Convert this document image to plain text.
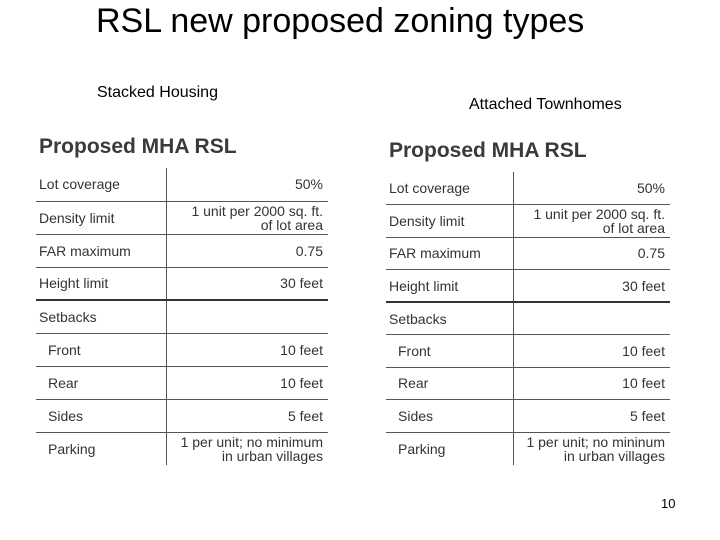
RSL new proposed zoning types
Stacked Housing
Attached Townhomes
Proposed MHA RSL
Lot coverage	50%

Density limit	1 unit per 2000 sq. ft.
of lot area

FAR maximum	0.75

Height limit	30 feet

Setbacks	

Front	10 feet

Rear	10 feet

Sides	5 feet

Parking	1 per unit; no minimum
in urban villages
Proposed MHA RSL
Lot coverage	50%

Density limit	1 unit per 2000 sq. ft.
of lot area

FAR maximum	0.75

Height limit	30 feet

Setbacks	

Front	10 feet

Rear	10 feet

Sides	5 feet

Parking	1 per unit; no mininum
in urban villages
10
